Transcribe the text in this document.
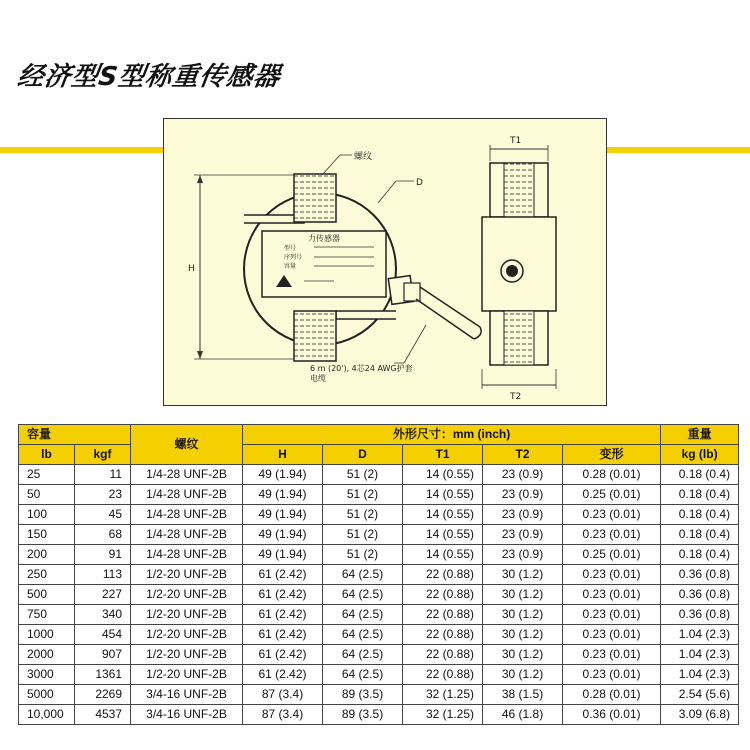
经济型S型称重传感器
螺纹
D
H
T1
T2
力传感器
型号
序列号
容量
6 m (20'), 4芯24 AWG护套
电缆
容量		螺纹	外形尺寸：mm (inch)					重量
lb	kgf		H	D	T1	T2	变形	kg (lb)
25	11	1/4-28 UNF-2B	49 (1.94)	51 (2)	14 (0.55)	23 (0.9)	0.28 (0.01)	0.18 (0.4)
50	23	1/4-28 UNF-2B	49 (1.94)	51 (2)	14 (0.55)	23 (0.9)	0.25 (0.01)	0.18 (0.4)
100	45	1/4-28 UNF-2B	49 (1.94)	51 (2)	14 (0.55)	23 (0.9)	0.23 (0.01)	0.18 (0.4)
150	68	1/4-28 UNF-2B	49 (1.94)	51 (2)	14 (0.55)	23 (0.9)	0.23 (0.01)	0.18 (0.4)
200	91	1/4-28 UNF-2B	49 (1.94)	51 (2)	14 (0.55)	23 (0.9)	0.25 (0.01)	0.18 (0.4)
250	113	1/2-20 UNF-2B	61 (2.42)	64 (2.5)	22 (0.88)	30 (1.2)	0.23 (0.01)	0.36 (0.8)
500	227	1/2-20 UNF-2B	61 (2.42)	64 (2.5)	22 (0.88)	30 (1.2)	0.23 (0.01)	0.36 (0.8)
750	340	1/2-20 UNF-2B	61 (2.42)	64 (2.5)	22 (0.88)	30 (1.2)	0.23 (0.01)	0.36 (0.8)
1000	454	1/2-20 UNF-2B	61 (2.42)	64 (2.5)	22 (0.88)	30 (1.2)	0.23 (0.01)	1.04 (2.3)
2000	907	1/2-20 UNF-2B	61 (2.42)	64 (2.5)	22 (0.88)	30 (1.2)	0.23 (0.01)	1.04 (2.3)
3000	1361	1/2-20 UNF-2B	61 (2.42)	64 (2.5)	22 (0.88)	30 (1.2)	0.23 (0.01)	1.04 (2.3)
5000	2269	3/4-16 UNF-2B	87 (3.4)	89 (3.5)	32 (1.25)	38 (1.5)	0.28 (0.01)	2.54 (5.6)
10,000	4537	3/4-16 UNF-2B	87 (3.4)	89 (3.5)	32 (1.25)	46 (1.8)	0.36 (0.01)	3.09 (6.8)
